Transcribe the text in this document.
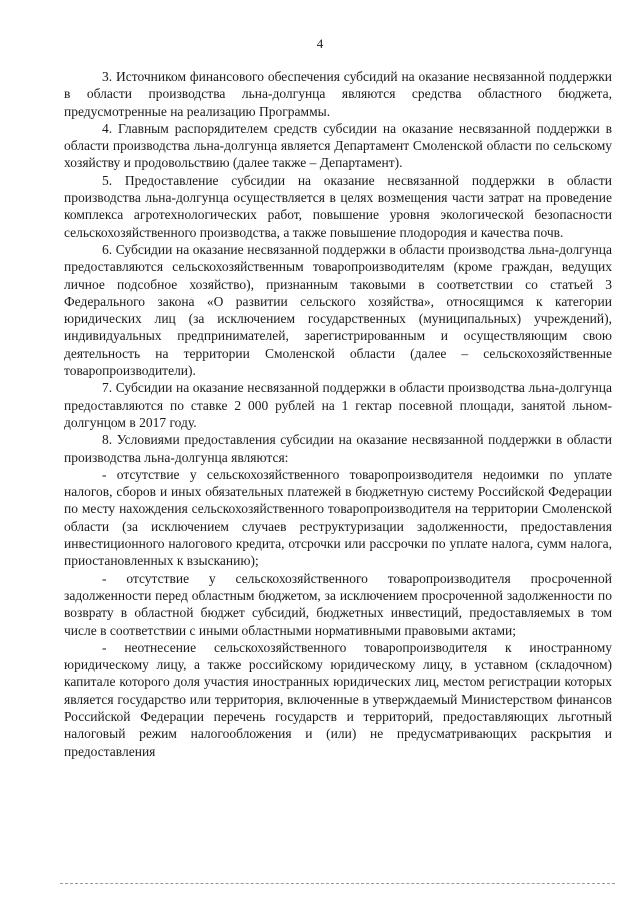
4

3. Источником финансового обеспечения субсидий на оказание несвязанной поддержки в области производства льна-долгунца являются средства областного бюджета, предусмотренные на реализацию Программы.

4. Главным распорядителем средств субсидии на оказание несвязанной поддержки в области производства льна-долгунца является Департамент Смоленской области по сельскому хозяйству и продовольствию (далее также – Департамент).

5. Предоставление субсидии на оказание несвязанной поддержки в области производства льна-долгунца осуществляется в целях возмещения части затрат на проведение комплекса агротехнологических работ, повышение уровня экологической безопасности сельскохозяйственного производства, а также повышение плодородия и качества почв.

6. Субсидии на оказание несвязанной поддержки в области производства льна-долгунца предоставляются сельскохозяйственным товаропроизводителям (кроме граждан, ведущих личное подсобное хозяйство), признанным таковыми в соответствии со статьей 3 Федерального закона «О развитии сельского хозяйства», относящимся к категории юридических лиц (за исключением государственных (муниципальных) учреждений), индивидуальных предпринимателей, зарегистрированным и осуществляющим свою деятельность на территории Смоленской области (далее – сельскохозяйственные товаропроизводители).

7. Субсидии на оказание несвязанной поддержки в области производства льна-долгунца предоставляются по ставке 2 000 рублей на 1 гектар посевной площади, занятой льном-долгунцом в 2017 году.

8. Условиями предоставления субсидии на оказание несвязанной поддержки в области производства льна-долгунца являются:

- отсутствие у сельскохозяйственного товаропроизводителя недоимки по уплате налогов, сборов и иных обязательных платежей в бюджетную систему Российской Федерации по месту нахождения сельскохозяйственного товаропроизводителя на территории Смоленской области (за исключением случаев реструктуризации задолженности, предоставления инвестиционного налогового кредита, отсрочки или рассрочки по уплате налога, сумм налога, приостановленных к взысканию);

- отсутствие у сельскохозяйственного товаропроизводителя просроченной задолженности перед областным бюджетом, за исключением просроченной задолженности по возврату в областной бюджет субсидий, бюджетных инвестиций, предоставляемых в том числе в соответствии с иными областными нормативными правовыми актами;

- неотнесение сельскохозяйственного товаропроизводителя к иностранному юридическому лицу, а также российскому юридическому лицу, в уставном (складочном) капитале которого доля участия иностранных юридических лиц, местом регистрации которых является государство или территория, включенные в утверждаемый Министерством финансов Российской Федерации перечень государств и территорий, предоставляющих льготный налоговый режим налогообложения и (или) не предусматривающих раскрытия и предоставления
